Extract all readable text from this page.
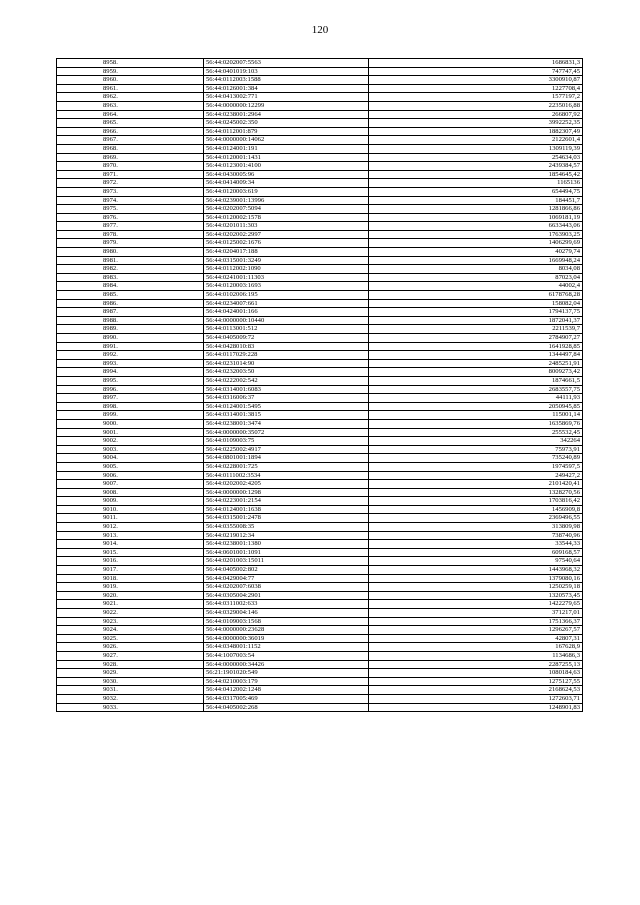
120
8958.	56:44:0202007:5563	1686831,3
8959.	56:44:0401019:103	747747,45
8960.	56:44:0112003:1588	3300910,87
8961.	56:44:0126001:384	1227708,4
8962.	56:44:0413002:771	1577197,2
8963.	56:44:0000000:12299	2235016,88
8964.	56:44:0238001:2964	266807,92
8965.	56:44:0245002:350	3992252,35
8966.	56:44:0112001:879	1882307,49
8967.	56:44:0000000:14062	2122601,4
8968.	56:44:0124001:191	1309119,39
8969.	56:44:0120001:1431	254634,03
8970.	56:44:0123001:4100	2439384,57
8971.	56:44:0430005:96	1854645,42
8972.	56:44:0414009:34	1165136
8973.	56:44:0120003:619	654494,75
8974.	56:44:0239001:13996	184451,7
8975.	56:44:0202007:5094	1281866,86
8976.	56:44:0120002:1578	1069181,19
8977.	56:44:0201011:303	6633443,06
8978.	56:44:0202002:2997	1763903,25
8979.	56:44:0125002:1676	1406299,69
8980.	56:44:0204017:188	40279,74
8981.	56:44:0315001:3249	1669948,24
8982.	56:44:0112002:1090	8034,08
8983.	56:44:0241001:11303	87023,04
8984.	56:44:0120003:1693	44002,4
8985.	56:44:0102006:195	6178768,28
8986.	56:44:0234007:661	158082,04
8987.	56:44:0424001:166	1794137,75
8988.	56:44:0000000:10440	1872041,37
8989.	56:44:0113001:512	2211539,7
8990.	56:44:0405009:72	2784907,27
8991.	56:44:0428010:83	1641928,85
8992.	56:44:0117029:228	1344497,84
8993.	56:44:0231014:90	2485251,91
8994.	56:44:0232003:50	8009273,42
8995.	56:44:0222002:542	1874661,5
8996.	56:44:0314001:6083	2683557,75
8997.	56:44:0316006:37	44111,93
8998.	56:44:0124001:5495	2050945,85
8999.	56:44:0314001:3815	115001,14
9000.	56:44:0238001:3474	1635869,76
9001.	56:44:0000000:35072	255532,45
9002.	56:44:0109003:75	342264
9003.	56:44:0225002:4917	75973,91
9004.	56:44:0801001:1894	735240,89
9005.	56:44:0228001:725	1974597,5
9006.	56:44:0111002:3534	249427,2
9007.	56:44:0202002:4205	2101420,41
9008.	56:44:0000000:1298	1328270,56
9009.	56:44:0223001:2154	1703816,42
9010.	56:44:0124001:1638	1456909,8
9011.	56:44:0315001:2478	2369496,55
9012.	56:44:0355008:35	313809,98
9013.	56:44:0219012:34	738740,96
9014.	56:44:0238001:1380	33544,33
9015.	56:44:0601001:1091	609168,57
9016.	56:44:0201003:15011	97540,64
9017.	56:44:0405002:802	1443968,32
9018.	56:44:0429004:77	1379080,16
9019.	56:44:0202007:6038	1250259,18
9020.	56:44:0305004:2901	1320573,45
9021.	56:44:0311002:633	1422279,65
9022.	56:44:0329004:146	371217,01
9023.	56:44:0109003:1568	1751366,37
9024.	56:44:0000000:23628	1296267,57
9025.	56:44:0000000:36019	42807,31
9026.	56:44:0348001:1152	167628,9
9027.	56:44:1007003:54	1134686,3
9028.	56:44:0000000:34426	2287255,13
9029.	56:21:1901020:549	1080184,63
9030.	56:44:0210003:179	1275127,55
9031.	56:44:0412002:1248	2168624,53
9032.	56:44:0317005:469	1272603,71
9033.	56:44:0405002:268	1248901,83
